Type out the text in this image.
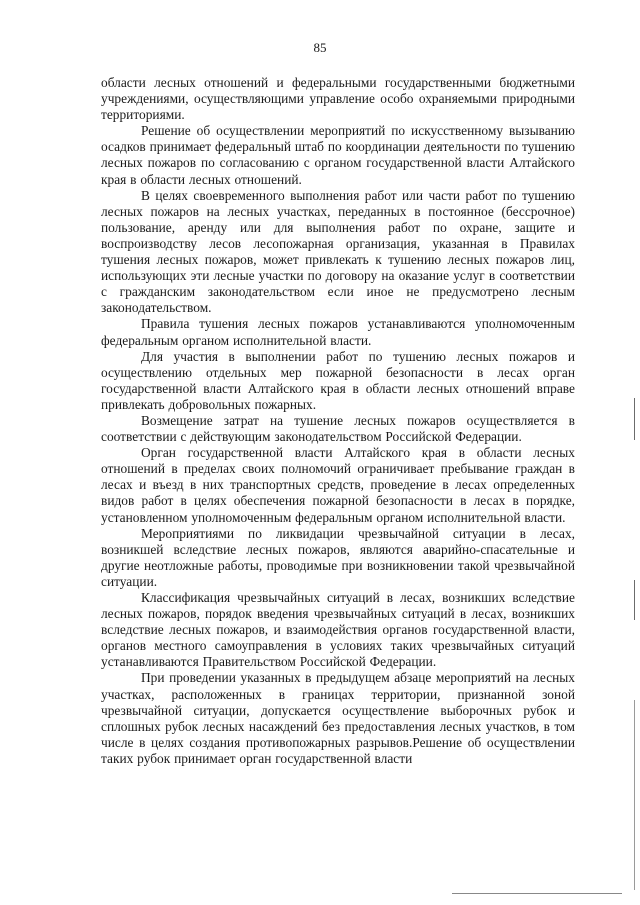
85

области лесных отношений и федеральными государственными бюджетными учреждениями, осуществляющими управление особо охраняемыми природными территориями.

Решение об осуществлении мероприятий по искусственному вызыванию осадков принимает федеральный штаб по координации деятельности по тушению лесных пожаров по согласованию с органом государственной власти Алтайского края в области лесных отношений.

В целях своевременного выполнения работ или части работ по тушению лесных пожаров на лесных участках, переданных в постоянное (бессрочное) пользование, аренду или для выполнения работ по охране, защите и воспроизводству лесов лесопожарная организация, указанная в Правилах тушения лесных пожаров, может привлекать к тушению лесных пожаров лиц, использующих эти лесные участки по договору на оказание услуг в соответствии с гражданским законодательством если иное не предусмотрено лесным законодательством.

Правила тушения лесных пожаров устанавливаются уполномоченным федеральным органом исполнительной власти.

Для участия в выполнении работ по тушению лесных пожаров и осуществлению отдельных мер пожарной безопасности в лесах орган государственной власти Алтайского края в области лесных отношений вправе привлекать добровольных пожарных.

Возмещение затрат на тушение лесных пожаров осуществляется в соответствии с действующим законодательством Российской Федерации.

Орган государственной власти Алтайского края в области лесных отношений в пределах своих полномочий ограничивает пребывание граждан в лесах и въезд в них транспортных средств, проведение в лесах определенных видов работ в целях обеспечения пожарной безопасности в лесах в порядке, установленном уполномоченным федеральным органом исполнительной власти.

Мероприятиями по ликвидации чрезвычайной ситуации в лесах, возникшей вследствие лесных пожаров, являются аварийно-спасательные и другие неотложные работы, проводимые при возникновении такой чрезвычайной ситуации.

Классификация чрезвычайных ситуаций в лесах, возникших вследствие лесных пожаров, порядок введения чрезвычайных ситуаций в лесах, возникших вследствие лесных пожаров, и взаимодействия органов государственной власти, органов местного самоуправления в условиях таких чрезвычайных ситуаций устанавливаются Правительством Российской Федерации.

При проведении указанных в предыдущем абзаце мероприятий на лесных участках, расположенных в границах территории, признанной зоной чрезвычайной ситуации, допускается осуществление выборочных рубок и сплошных рубок лесных насаждений без предоставления лесных участков, в том числе в целях создания противопожарных разрывов.Решение об осуществлении таких рубок принимает орган государственной власти
